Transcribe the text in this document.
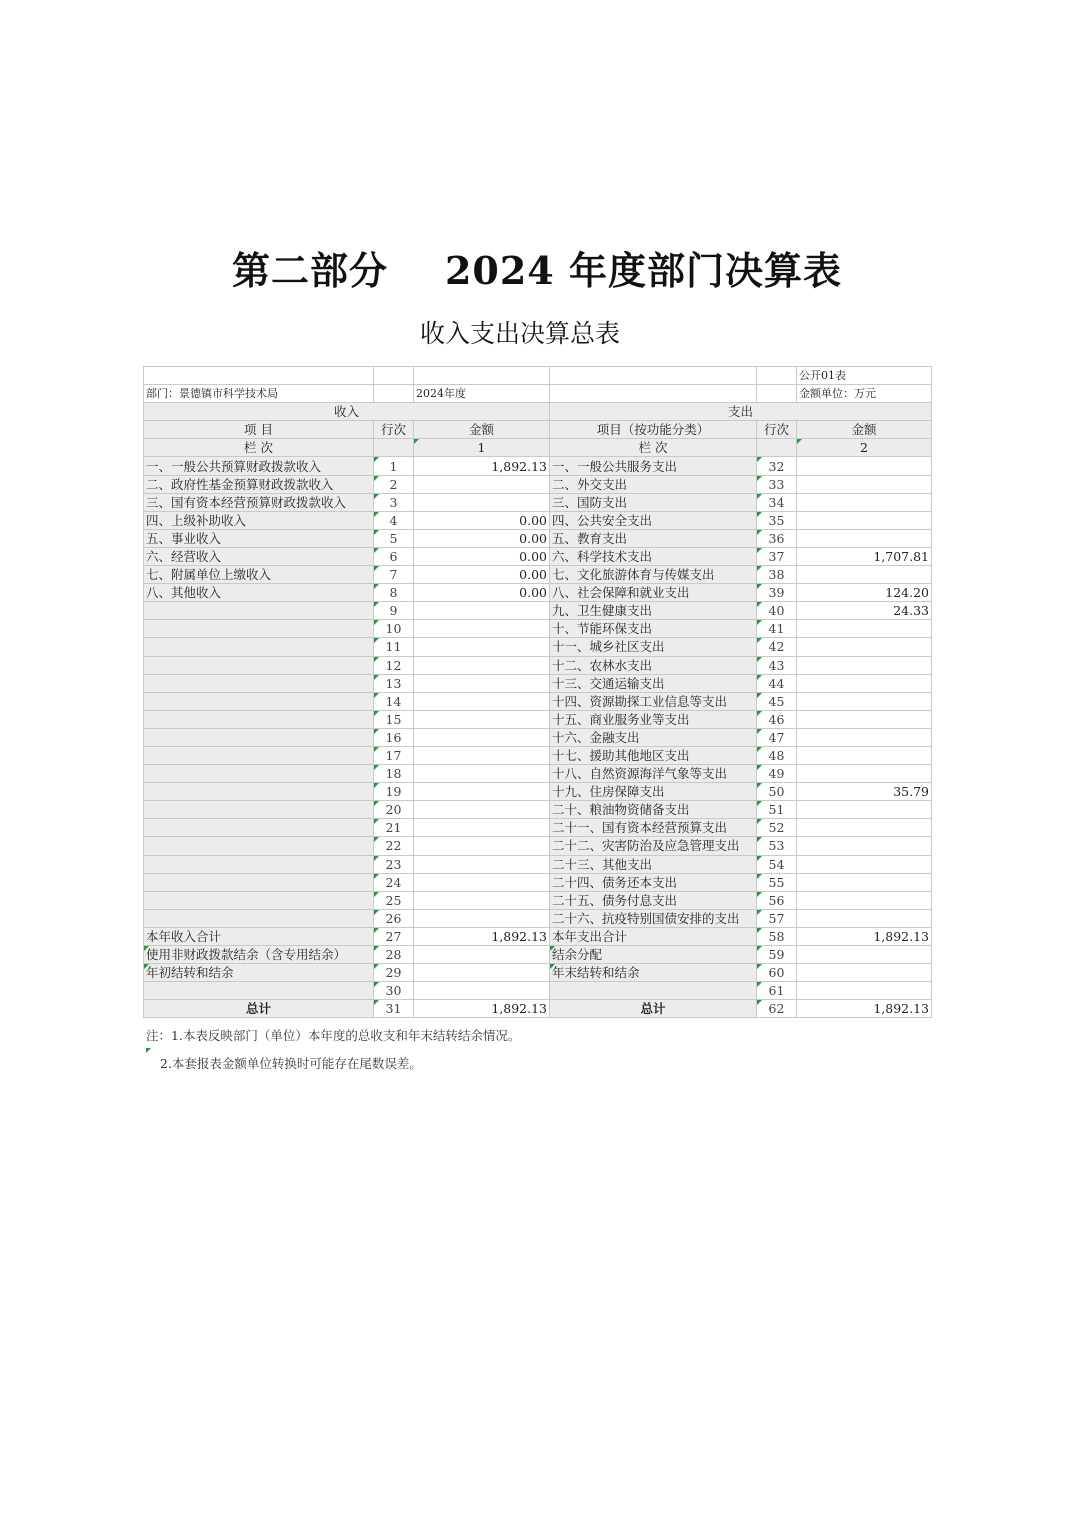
第二部分    2024 年度部门决算表
收入支出决算总表
					公开01表
部门：景德镇市科学技术局		2024年度			金额单位：万元
收入			支出		
项 目	行次	金额	项目（按功能分类）	行次	金额
栏 次		1	栏 次		2
一、一般公共预算财政拨款收入	1	1,892.13	一、一般公共服务支出	32	
二、政府性基金预算财政拨款收入	2		二、外交支出	33	
三、国有资本经营预算财政拨款收入	3		三、国防支出	34	
四、上级补助收入	4	0.00	四、公共安全支出	35	
五、事业收入	5	0.00	五、教育支出	36	
六、经营收入	6	0.00	六、科学技术支出	37	1,707.81
七、附属单位上缴收入	7	0.00	七、文化旅游体育与传媒支出	38	
八、其他收入	8	0.00	八、社会保障和就业支出	39	124.20
	9		九、卫生健康支出	40	24.33
	10		十、节能环保支出	41	
	11		十一、城乡社区支出	42	
	12		十二、农林水支出	43	
	13		十三、交通运输支出	44	
	14		十四、资源勘探工业信息等支出	45	
	15		十五、商业服务业等支出	46	
	16		十六、金融支出	47	
	17		十七、援助其他地区支出	48	
	18		十八、自然资源海洋气象等支出	49	
	19		十九、住房保障支出	50	35.79
	20		二十、粮油物资储备支出	51	
	21		二十一、国有资本经营预算支出	52	
	22		二十二、灾害防治及应急管理支出	53	
	23		二十三、其他支出	54	
	24		二十四、债务还本支出	55	
	25		二十五、债务付息支出	56	
	26		二十六、抗疫特别国债安排的支出	57	
本年收入合计	27	1,892.13	本年支出合计	58	1,892.13
使用非财政拨款结余（含专用结余）	28		结余分配	59	
年初结转和结余	29		年末结转和结余	60	
	30			61	
总计	31	1,892.13	总计	62	1,892.13
注：1.本表反映部门（单位）本年度的总收支和年末结转结余情况。
2.本套报表金额单位转换时可能存在尾数误差。
